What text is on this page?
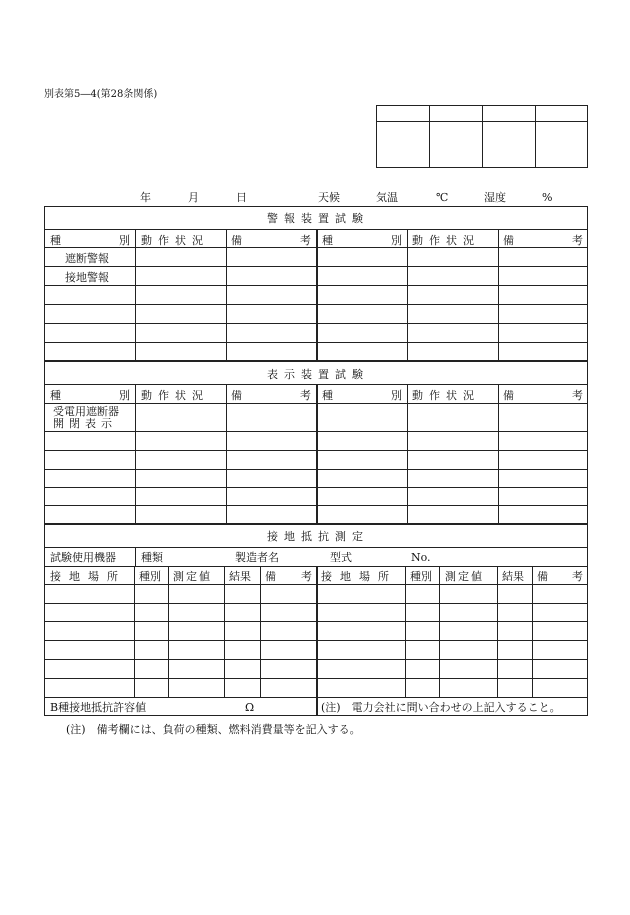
別表第5―4(第28条関係)
年	月	日	天候	気温	℃	湿度	%
警報装置試験
種	別 動作状況 備	考 種	別 動作状況 備	考
遮断警報
接地警報
表示装置試験
種	別 動作状況 備	考 種	別 動作状況 備	考
受電用遮断器
開閉表示
接地抵抗測定
試験使用機器 種類	製造者名	型式	No.
接地場所 種別 測定値 結果 備 考 接地場所 種別 測定値 結果 備 考
B種接地抵抗許容値	Ω	(注)　電力会社に問い合わせの上記入すること。
(注)　備考欄には、負荷の種類、燃料消費量等を記入する。
